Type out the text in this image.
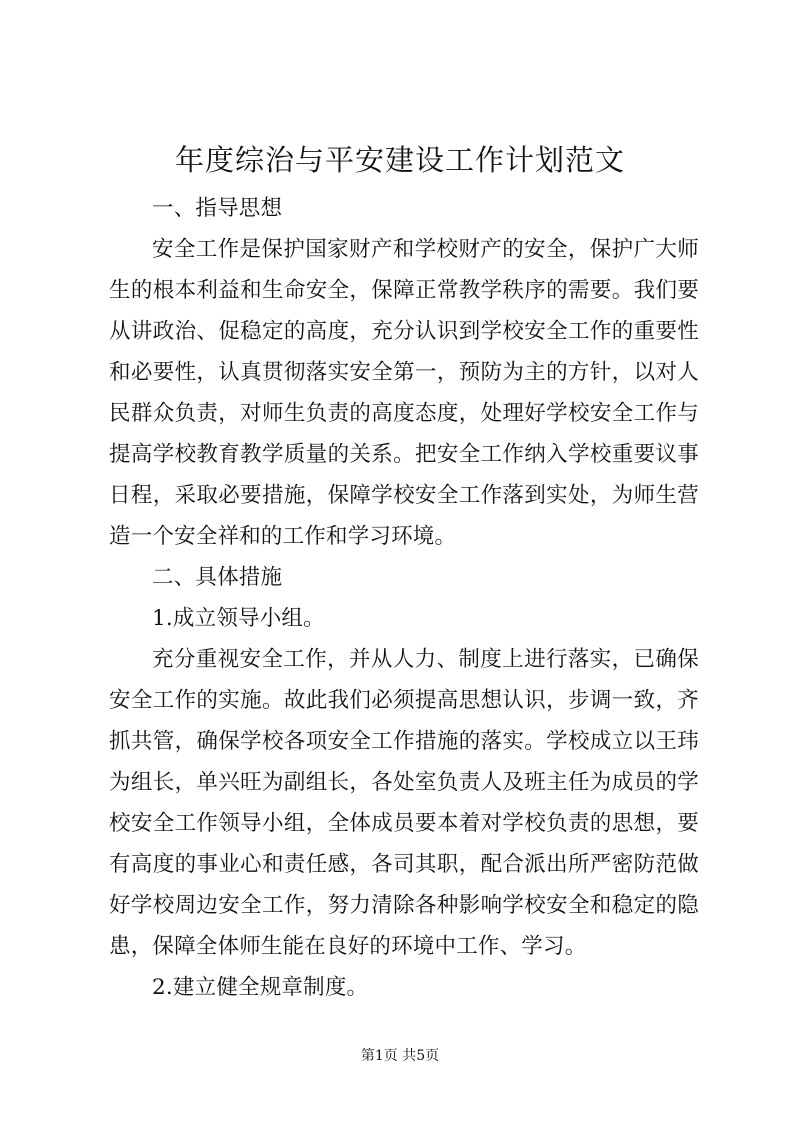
年度综治与平安建设工作计划范文

一、指导思想

安全工作是保护国家财产和学校财产的安全，保护广大师生的根本利益和生命安全，保障正常教学秩序的需要。我们要从讲政治、促稳定的高度，充分认识到学校安全工作的重要性和必要性，认真贯彻落实安全第一，预防为主的方针，以对人民群众负责，对师生负责的高度态度，处理好学校安全工作与提高学校教育教学质量的关系。把安全工作纳入学校重要议事日程，采取必要措施，保障学校安全工作落到实处，为师生营造一个安全祥和的工作和学习环境。

二、具体措施

1.成立领导小组。

充分重视安全工作，并从人力、制度上进行落实，已确保安全工作的实施。故此我们必须提高思想认识，步调一致，齐抓共管，确保学校各项安全工作措施的落实。学校成立以王玮为组长，单兴旺为副组长，各处室负责人及班主任为成员的学校安全工作领导小组，全体成员要本着对学校负责的思想，要有高度的事业心和责任感，各司其职，配合派出所严密防范做好学校周边安全工作，努力清除各种影响学校安全和稳定的隐患，保障全体师生能在良好的环境中工作、学习。

2.建立健全规章制度。

第1页 共5页
